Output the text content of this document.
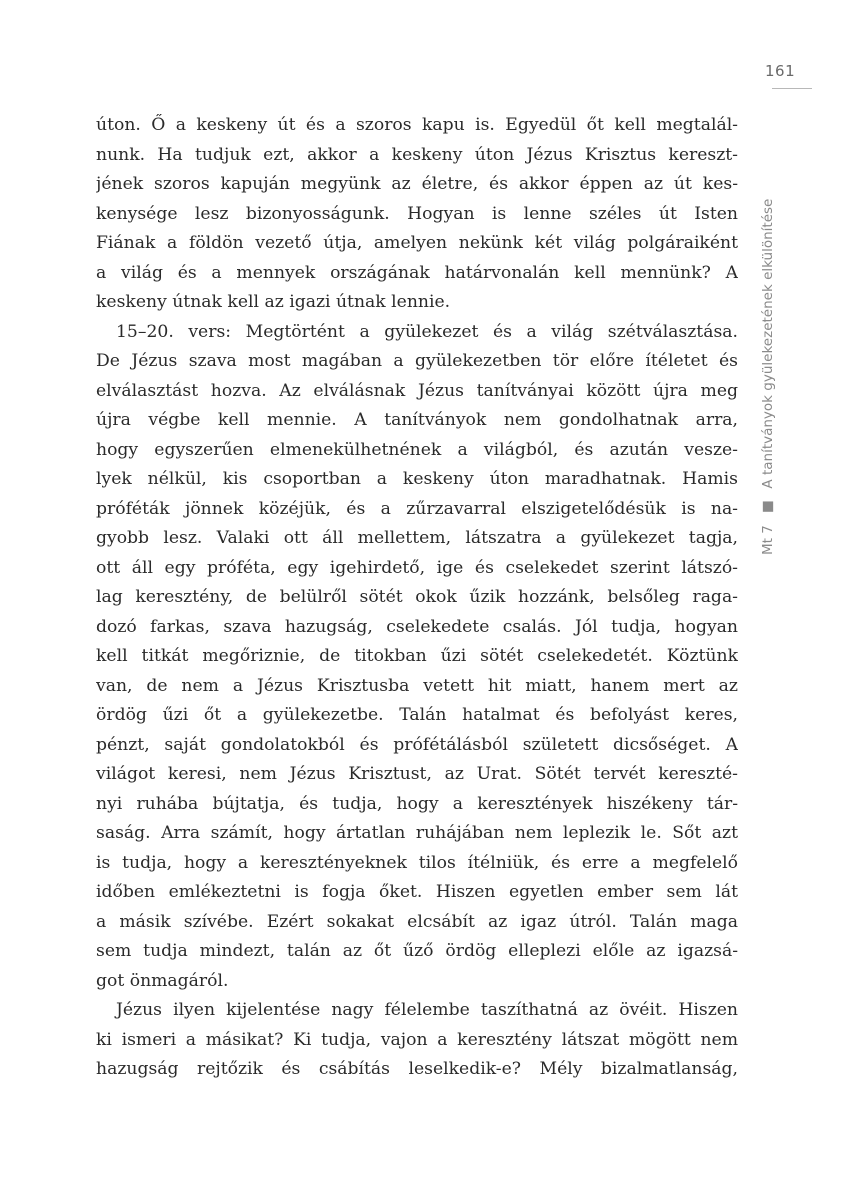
161
Mt 7 ■ A tanítványok gyülekezetének elkülönítése
úton. Ő a keskeny út és a szoros kapu is. Egyedül őt kell megtalál-
nunk. Ha tudjuk ezt, akkor a keskeny úton Jézus Krisztus kereszt-
jének szoros kapuján megyünk az életre, és akkor éppen az út kes-
kenysége lesz bizonyosságunk. Hogyan is lenne széles út Isten
Fiának a földön vezető útja, amelyen nekünk két világ polgáraiként
a világ és a mennyek országának határvonalán kell mennünk? A
keskeny útnak kell az igazi útnak lennie.
15–20. vers: Megtörtént a gyülekezet és a világ szétválasztása.
De Jézus szava most magában a gyülekezetben tör előre ítéletet és
elválasztást hozva. Az elválásnak Jézus tanítványai között újra meg
újra végbe kell mennie. A tanítványok nem gondolhatnak arra,
hogy egyszerűen elmenekülhetnének a világból, és azután vesze-
lyek nélkül, kis csoportban a keskeny úton maradhatnak. Hamis
próféták jönnek közéjük, és a zűrzavarral elszigetelődésük is na-
gyobb lesz. Valaki ott áll mellettem, látszatra a gyülekezet tagja,
ott áll egy próféta, egy igehirdető, ige és cselekedet szerint látszó-
lag keresztény, de belülről sötét okok űzik hozzánk, belsőleg raga-
dozó farkas, szava hazugság, cselekedete csalás. Jól tudja, hogyan
kell titkát megőriznie, de titokban űzi sötét cselekedetét. Köztünk
van, de nem a Jézus Krisztusba vetett hit miatt, hanem mert az
ördög űzi őt a gyülekezetbe. Talán hatalmat és befolyást keres,
pénzt, saját gondolatokból és prófétálásból született dicsőséget. A
világot keresi, nem Jézus Krisztust, az Urat. Sötét tervét kereszté-
nyi ruhába bújtatja, és tudja, hogy a keresztények hiszékeny tár-
saság. Arra számít, hogy ártatlan ruhájában nem leplezik le. Sőt azt
is tudja, hogy a keresztényeknek tilos ítélniük, és erre a megfelelő
időben emlékeztetni is fogja őket. Hiszen egyetlen ember sem lát
a másik szívébe. Ezért sokakat elcsábít az igaz útról. Talán maga
sem tudja mindezt, talán az őt űző ördög elleplezi előle az igazsá-
got önmagáról.
Jézus ilyen kijelentése nagy félelembe taszíthatná az övéit. Hiszen
ki ismeri a másikat? Ki tudja, vajon a keresztény látszat mögött nem
hazugság rejtőzik és csábítás leselkedik-e? Mély bizalmatlanság,
